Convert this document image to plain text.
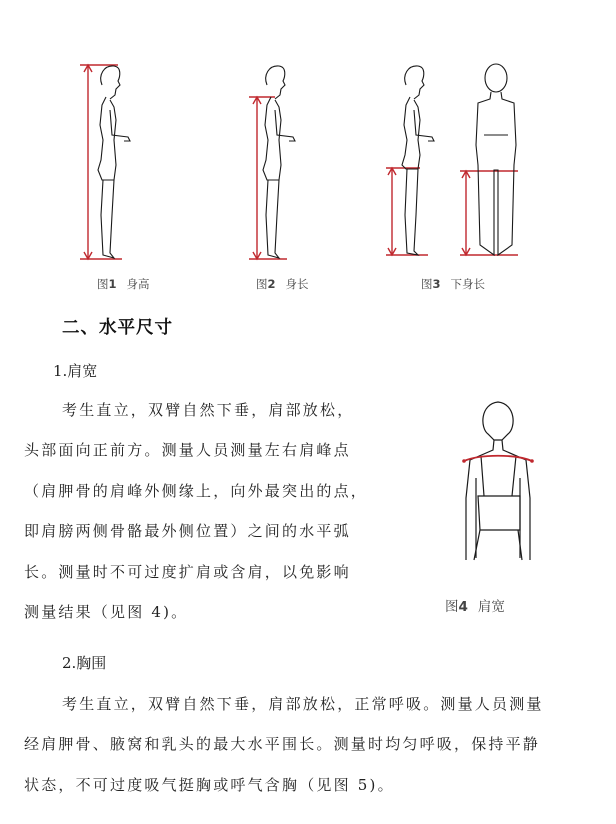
图1 身高	图2 身长	图3 下身长
二、水平尺寸
1.肩宽
考生直立，双臂自然下垂，肩部放松，
头部面向正前方。测量人员测量左右肩峰点
（肩胛骨的肩峰外侧缘上，向外最突出的点，
即肩膀两侧骨骼最外侧位置）之间的水平弧
长。测量时不可过度扩肩或含肩，以免影响
测量结果（见图 4)。	图4 肩宽
2.胸围
考生直立，双臂自然下垂，肩部放松，正常呼吸。测量人员测量
经肩胛骨、腋窝和乳头的最大水平围长。测量时均匀呼吸，保持平静
状态，不可过度吸气挺胸或呼气含胸（见图 5)。
